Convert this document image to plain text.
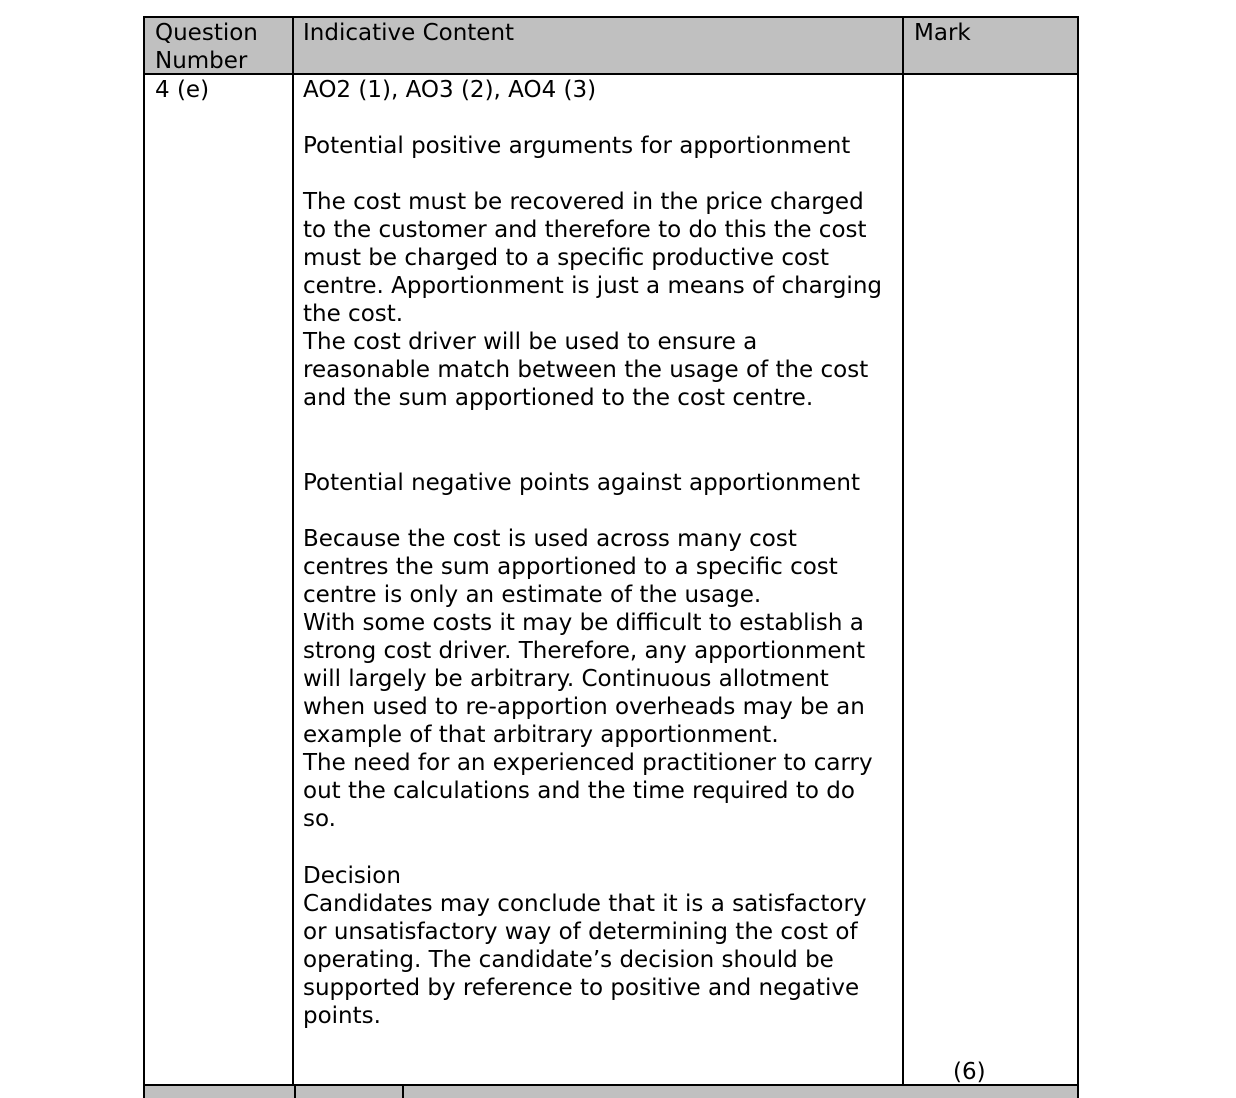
Question
Number

Indicative Content	Mark

4 (e)	AO2 (1), AO3 (2), AO4 (3)

Potential positive arguments for apportionment

The cost must be recovered in the price charged
to the customer and therefore to do this the cost
must be charged to a specific productive cost
centre. Apportionment is just a means of charging
the cost.
The cost driver will be used to ensure a
reasonable match between the usage of the cost
and the sum apportioned to the cost centre.

Potential negative points against apportionment

Because the cost is used across many cost
centres the sum apportioned to a specific cost
centre is only an estimate of the usage.
With some costs it may be difficult to establish a
strong cost driver. Therefore, any apportionment
will largely be arbitrary. Continuous allotment
when used to re-apportion overheads may be an
example of that arbitrary apportionment.
The need for an experienced practitioner to carry
out the calculations and the time required to do
so.

Decision

Candidates may conclude that it is a satisfactory
or unsatisfactory way of determining the cost of
operating. The candidate’s decision should be
supported by reference to positive and negative
points.

(6)
